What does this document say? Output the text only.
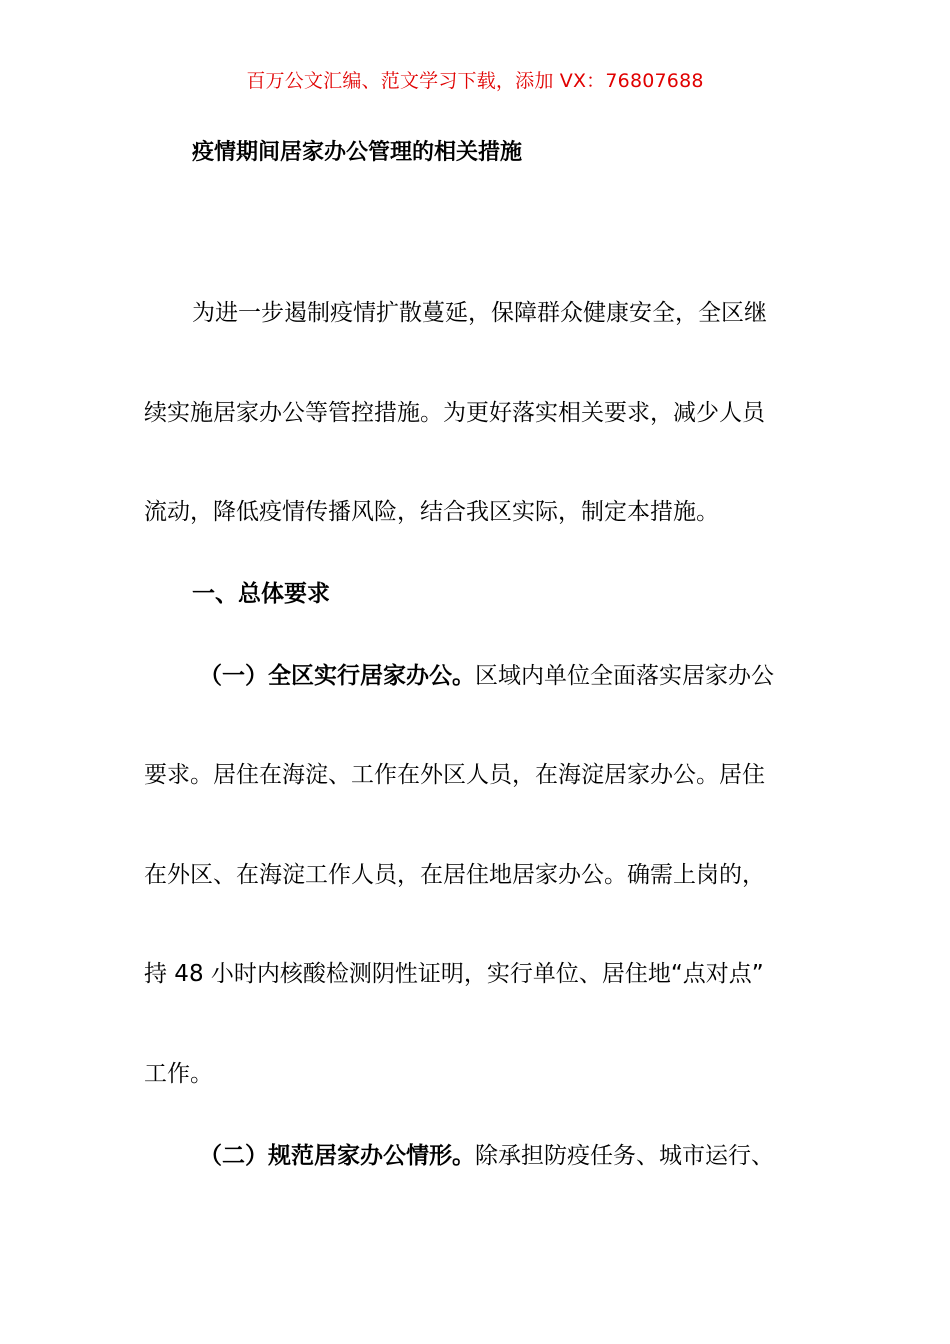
百万公文汇编、范文学习下载，添加 VX：76807688
疫情期间居家办公管理的相关措施
为进一步遏制疫情扩散蔓延，保障群众健康安全，全区继
续实施居家办公等管控措施。为更好落实相关要求，减少人员
流动，降低疫情传播风险，结合我区实际，制定本措施。
一、总体要求
（一）全区实行居家办公。区域内单位全面落实居家办公
要求。居住在海淀、工作在外区人员，在海淀居家办公。居住
在外区、在海淀工作人员，在居住地居家办公。确需上岗的，
持 48 小时内核酸检测阴性证明，实行单位、居住地“点对点”
工作。
（二）规范居家办公情形。除承担防疫任务、城市运行、
